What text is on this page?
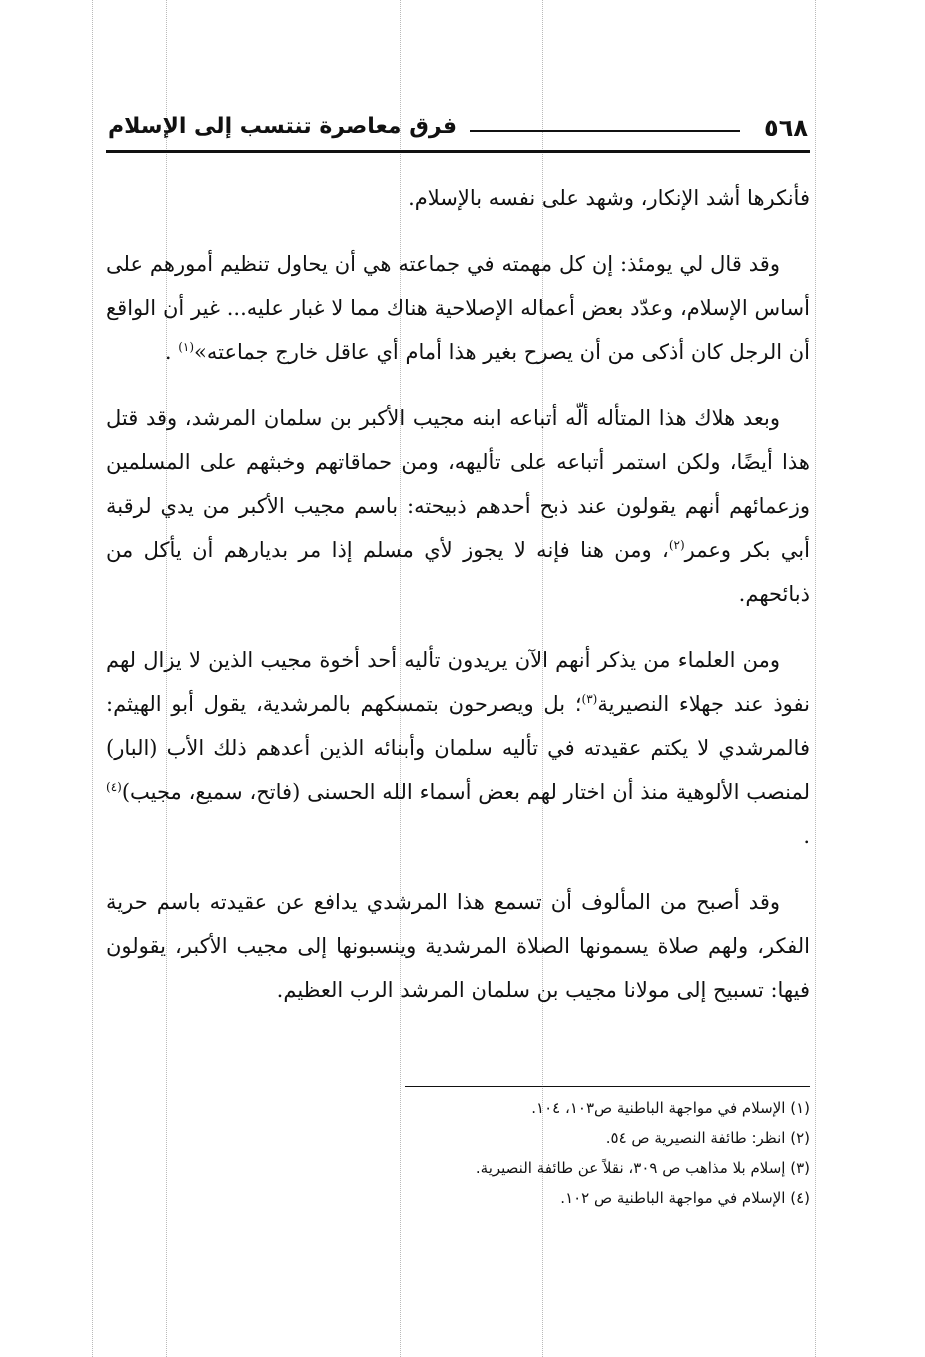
٥٦٨
فرق معاصرة تنتسب إلى الإسلام

فأنكرها أشد الإنكار، وشهد على نفسه بالإسلام.

وقد قال لي يومئذ: إن كل مهمته في جماعته هي أن يحاول تنظيم أمورهم على أساس الإسلام، وعدّد بعض أعماله الإصلاحية هناك مما لا غبار عليه... غير أن الواقع أن الرجل كان أذكى من أن يصرح بغير هذا أمام أي عاقل خارج جماعته»$^{(١)}$ .

وبعد هلاك هذا المتأله ألّه أتباعه ابنه مجيب الأكبر بن سلمان المرشد، وقد قتل هذا أيضًا، ولكن استمر أتباعه على تأليهه، ومن حماقاتهم وخبثهم على المسلمين وزعمائهم أنهم يقولون عند ذبح أحدهم ذبيحته: باسم مجيب الأكبر من يدي لرقبة أبي بكر وعمر$^{(٢)}$، ومن هنا فإنه لا يجوز لأي مسلم إذا مر بديارهم أن يأكل من ذبائحهم.

ومن العلماء من يذكر أنهم الآن يريدون تأليه أحد أخوة مجيب الذين لا يزال لهم نفوذ عند جهلاء النصيرية$^{(٣)}$؛ بل ويصرحون بتمسكهم بالمرشدية، يقول أبو الهيثم: فالمرشدي لا يكتم عقيدته في تأليه سلمان وأبنائه الذين أعدهم ذلك الأب (البار) لمنصب الألوهية منذ أن اختار لهم بعض أسماء الله الحسنى (فاتح، سميع، مجيب)$^{(٤)}$ .

وقد أصبح من المألوف أن تسمع هذا المرشدي يدافع عن عقيدته باسم حرية الفكر، ولهم صلاة يسمونها الصلاة المرشدية وينسبونها إلى مجيب الأكبر، يقولون فيها: تسبيح إلى مولانا مجيب بن سلمان المرشد الرب العظيم.

(١) الإسلام في مواجهة الباطنية ص١٠٣، ١٠٤.
(٢) انظر: طائفة النصيرية ص ٥٤.
(٣) إسلام بلا مذاهب ص ٣٠٩، نقلاً عن طائفة النصيرية.
(٤) الإسلام في مواجهة الباطنية ص ١٠٢.
